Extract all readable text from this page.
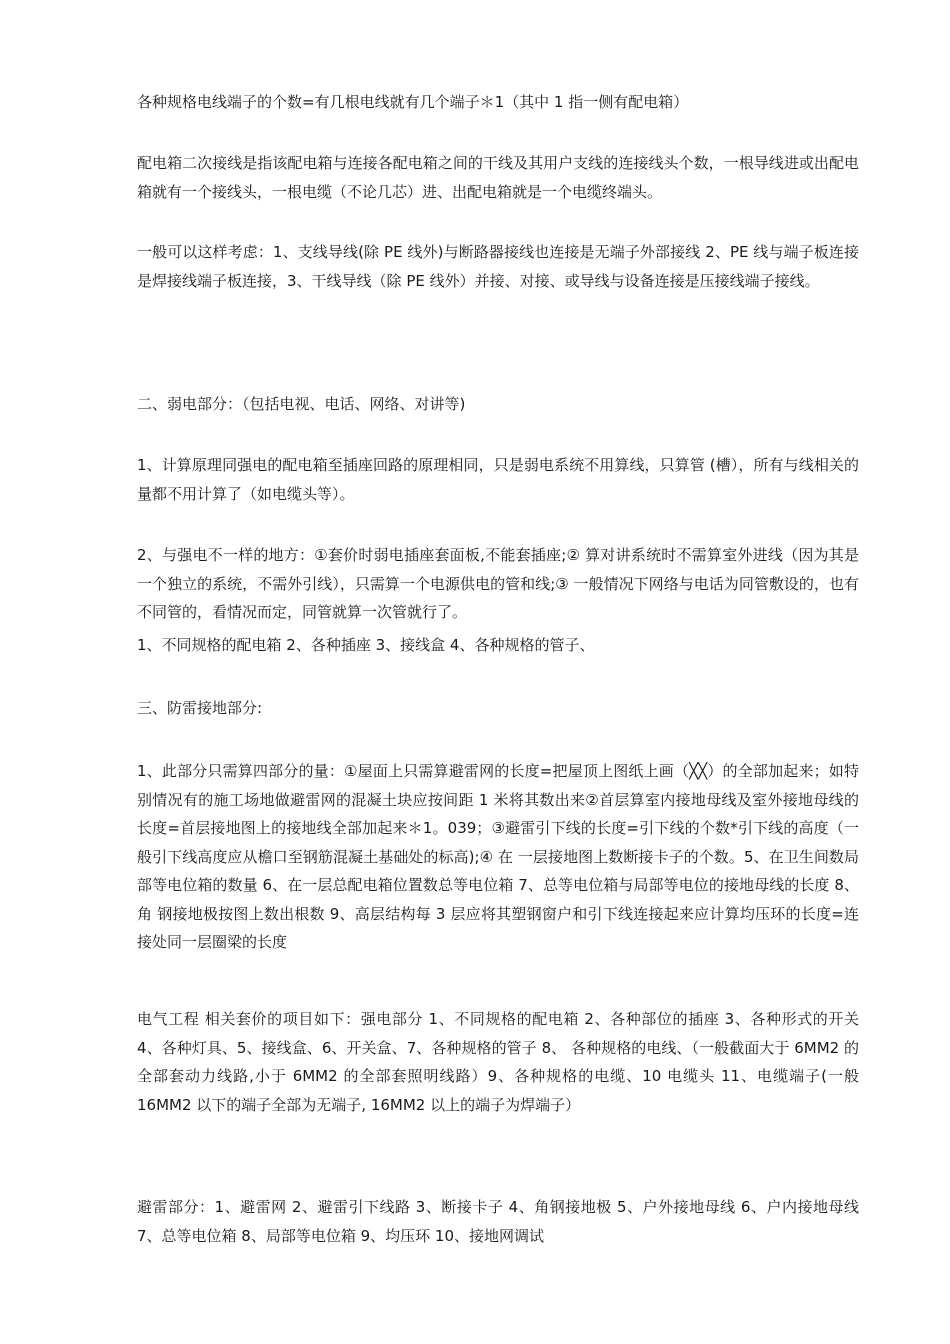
各种规格电线端子的个数=有几根电线就有几个端子＊1（其中 1 指一侧有配电箱）

配电箱二次接线是指该配电箱与连接各配电箱之间的干线及其用户支线的连接线头个数，一根导线进或出配电箱就有一个接线头，一根电缆（不论几芯）进、出配电箱就是一个电缆终端头。

一般可以这样考虑：1、支线导线(除 PE 线外)与断路器接线也连接是无端子外部接线 2、PE 线与端子板连接是焊接线端子板连接，3、干线导线（除 PE 线外）并接、对接、或导线与设备连接是压接线端子接线。

二、弱电部分：（包括电视、电话、网络、对讲等)

1、计算原理同强电的配电箱至插座回路的原理相同，只是弱电系统不用算线，只算管 (槽），所有与线相关的量都不用计算了（如电缆头等）。

2、与强电不一样的地方：①套价时弱电插座套面板,不能套插座;② 算对讲系统时不需算室外进线（因为其是一个独立的系统，不需外引线），只需算一个电源供电的管和线;③ 一般情况下网络与电话为同管敷设的，也有不同管的，看情况而定，同管就算一次管就行了。

1、不同规格的配电箱 2、各种插座 3、接线盒 4、各种规格的管子、

三、防雷接地部分:

1、此部分只需算四部分的量：①屋面上只需算避雷网的长度=把屋顶上图纸上画（╳╳）的全部加起来；如特别情况有的施工场地做避雷网的混凝土块应按间距 1 米将其数出来②首层算室内接地母线及室外接地母线的长度=首层接地图上的接地线全部加起来＊1。039；③避雷引下线的长度=引下线的个数*引下线的高度（一般引下线高度应从檐口至钢筋混凝土基础处的标高);④ 在 一层接地图上数断接卡子的个数。5、在卫生间数局部等电位箱的数量 6、在一层总配电箱位置数总等电位箱 7、总等电位箱与局部等电位的接地母线的长度 8、角 钢接地极按图上数出根数 9、高层结构每 3 层应将其塑钢窗户和引下线连接起来应计算均压环的长度=连接处同一层圈梁的长度

电气工程 相关套价的项目如下：强电部分 1、不同规格的配电箱 2、各种部位的插座 3、各种形式的开关 4、各种灯具、5、接线盒、6、开关盒、7、各种规格的管子 8、 各种规格的电线、（一般截面大于 6MM2 的全部套动力线路,小于 6MM2 的全部套照明线路）9、各种规格的电缆、10 电缆头 11、电缆端子(一般 16MM2 以下的端子全部为无端子, 16MM2 以上的端子为焊端子）

避雷部分：1、避雷网 2、避雷引下线路 3、断接卡子 4、角钢接地极 5、户外接地母线 6、户内接地母线 7、总等电位箱 8、局部等电位箱 9、均压环 10、接地网调试
